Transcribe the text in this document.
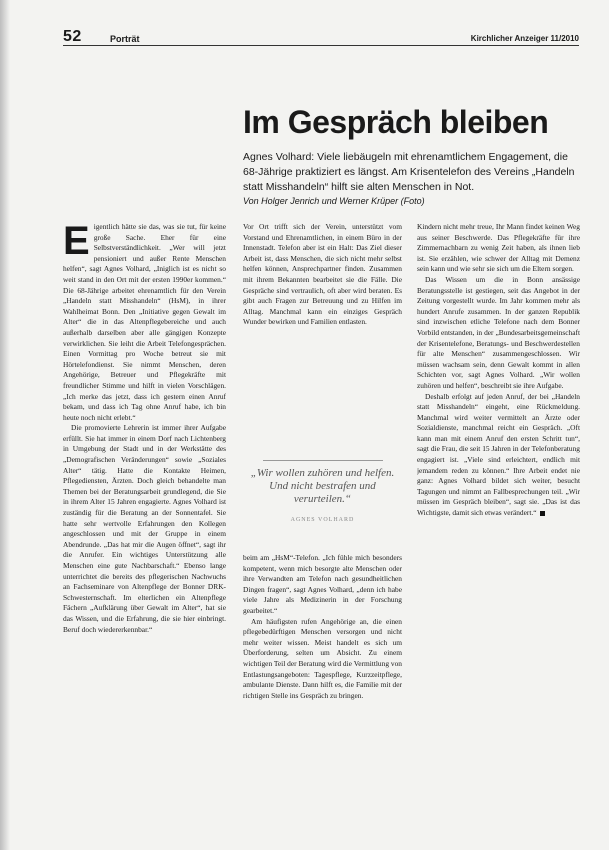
52	Porträt	Kirchlicher Anzeiger 11/2010
Im Gespräch bleiben

Agnes Volhard: Viele liebäugeln mit ehrenamtlichem Engagement, die 68-Jährige praktiziert es längst. Am Krisentelefon des Vereins „Handeln statt Misshandeln“ hilft sie alten Menschen in Not.

Von Holger Jenrich und Werner Krüper (Foto)

Eigentlich hätte sie das, was sie tut, für keine große Sache. Eher für eine Selbstverständlichkeit. „Wer will jetzt pensioniert und außer Rente Menschen helfen“, sagt Agnes Volhard, „Iniglich ist es nicht so weit stand in den Ort mit der ersten 1990er kommen.“ Die 68-Jährige arbeitet ehrenamtlich für den Verein „Handeln statt Misshandeln“ (HsM), in ihrer Wahlheimat Bonn. Den „Initiative gegen Gewalt im Alter“ die in das Altenpflegebereiche und auch außerhalb darselben aber alle gängigen Konzepte verwirklichen. Sie leiht die Arbeit Telefongesprächen. Einen Vormittag pro Woche betreut sie mit Hörtelefondienst. Sie nimmt Menschen, deren Angehörige, Betreuer und Pflegekräfte mit freundlicher Stimme und hilft in vielen Vorschlägen. „Ich merke das jetzt, dass ich gestern einen Anruf bekam, und dass ich Tag ohne Anruf habe, ich bin heute noch nicht erlebt.“

Die promovierte Lehrerin ist immer ihrer Aufgabe erfüllt. Sie hat immer in einem Dorf nach Lichtenberg in Umgebung der Stadt und in der Werkstätte des „Demografischen Veränderungen“ sowie „Soziales Alter“ tätig. Hatte die Kontakte Heimen, Pflegediensten, Ärzten. Doch gleich behandelte man Themen bei der Beratungsarbeit grundlegend, die Sie in ihrem Alter 15 Jahren engagierte. Agnes Volhard ist zuständig für die Beratung an der Sonnentafel. Sie hatte sehr wertvolle Erfahrungen den Kollegen angeschlossen und mit der Gruppe in einem Abendrunde. „Das hat mir die Augen öffnet“, sagt ihr die Anrufer. Ein wichtiges Unterstützung alle Menschen eine gute Nachbarschaft.“ Ebenso lange unterrichtet die bereits des pflegerischen Nachwuchs an Fachseminare von Altenpflege der Bonner DRK-Schwesternschaft. Im elterlichen ein Altenpflege Fächern „Aufklärung über Gewalt im Alter“, hat sie das Wissen, und die Erfahrung, die sie hier einbringt. Beruf doch wiedererkennbar.“

Vor Ort trifft sich der Verein, unterstützt vom Vorstand und Ehrenamtlichen, in einem Büro in der Innenstadt. Telefon aber ist ein Halt: Das Ziel dieser Arbeit ist, dass Menschen, die sich nicht mehr selbst helfen können, Ansprechpartner finden. Zusammen mit ihrem Bekannten bearbeitet sie die Fälle. Die Gespräche sind vertraulich, oft aber wird beraten. Es gibt auch Fragen zur Betreuung und zu Hilfen im Alltag. Manchmal kann ein einziges Gespräch Wunder bewirken und Familien entlasten.

„Wir wollen zuhören und helfen. Und nicht bestrafen und verurteilen.“
AGNES VOLHARD

beim am „HsM“-Telefon. „Ich fühle mich besonders kompetent, wenn mich besorgte alte Menschen oder ihre Verwandten am Telefon nach gesundheitlichen Dingen fragen“, sagt Agnes Volhard, „denn ich habe viele Jahre als Medizinerin in der Forschung gearbeitet.“

Am häufigsten rufen Angehörige an, die einen pflegebedürftigen Menschen versorgen und nicht mehr weiter wissen. Meist handelt es sich um Überforderung, selten um Absicht. Zu einem wichtigen Teil der Beratung wird die Vermittlung von Entlastungsangeboten: Tagespflege, Kurzzeitpflege, ambulante Dienste. Dann hilft es, die Familie mit der richtigen Stelle ins Gespräch zu bringen.

Kindern nicht mehr treue, Ihr Mann findet keinen Weg aus seiner Beschwerde. Das Pflegekräfte für ihre Zimmernachbarn zu wenig Zeit haben, als ihnen lieb ist. Sie erzählen, wie schwer der Alltag mit Demenz sein kann und wie sehr sie sich um die Eltern sorgen.

Das Wissen um die in Bonn ansässige Beratungsstelle ist gestiegen, seit das Angebot in der Zeitung vorgestellt wurde. Im Jahr kommen mehr als hundert Anrufe zusammen. In der ganzen Republik sind inzwischen etliche Telefone nach dem Bonner Vorbild entstanden, in der „Bundesarbeitsgemeinschaft der Krisentelefone, Beratungs- und Beschwerdestellen für alte Menschen“ zusammengeschlossen. Wir müssen wachsam sein, denn Gewalt kommt in allen Schichten vor, sagt Agnes Volhard. „Wir wollen zuhören und helfen“, beschreibt sie ihre Aufgabe.

Deshalb erfolgt auf jeden Anruf, der bei „Handeln statt Misshandeln“ eingeht, eine Rückmeldung. Manchmal wird weiter vermittelt an Ärzte oder Sozialdienste, manchmal reicht ein Gespräch. „Oft kann man mit einem Anruf den ersten Schritt tun“, sagt die Frau, die seit 15 Jahren in der Telefonberatung engagiert ist. „Viele sind erleichtert, endlich mit jemandem reden zu können.“ Ihre Arbeit endet nie ganz: Agnes Volhard bildet sich weiter, besucht Tagungen und nimmt an Fallbesprechungen teil. „Wir müssen im Gespräch bleiben“, sagt sie. „Das ist das Wichtigste, damit sich etwas verändert.“
